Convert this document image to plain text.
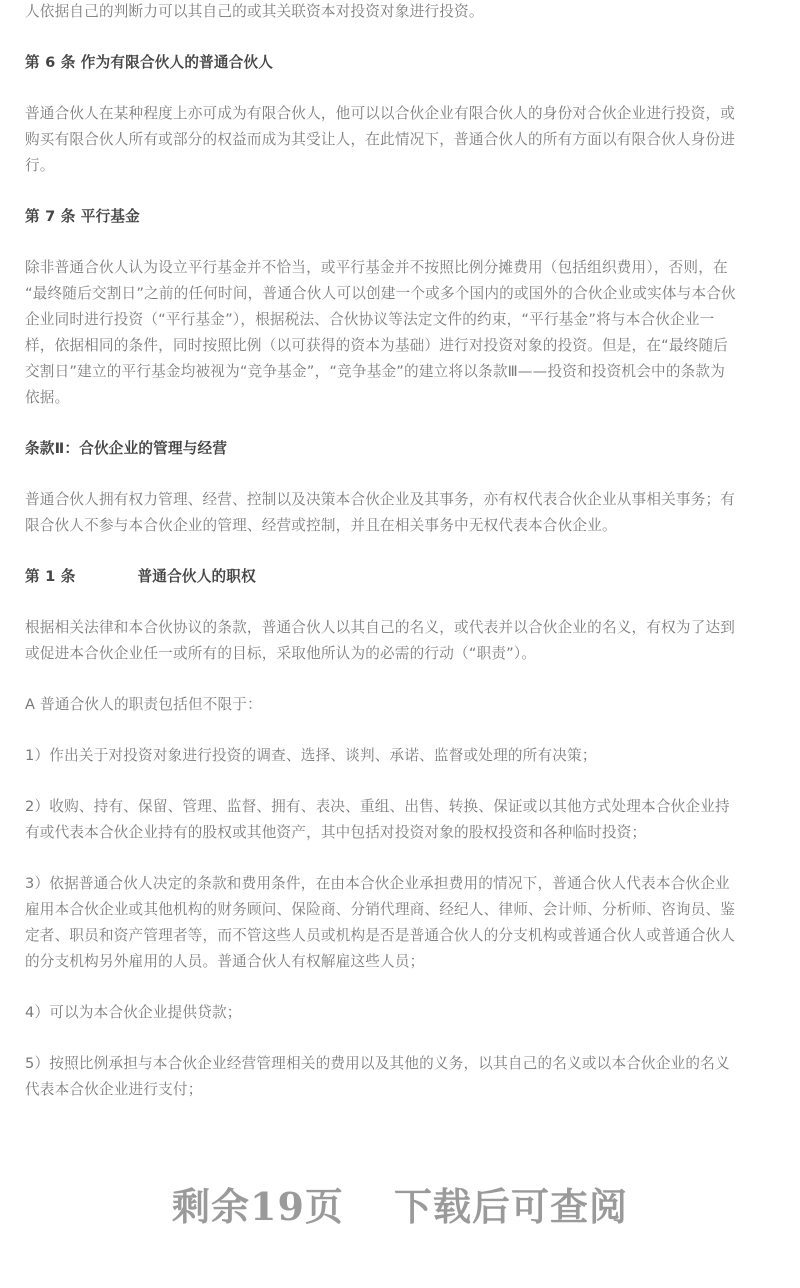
人依据自己的判断力可以其自己的或其关联资本对投资对象进行投资。
第 6 条 作为有限合伙人的普通合伙人
普通合伙人在某种程度上亦可成为有限合伙人，他可以以合伙企业有限合伙人的身份对合伙企业进行投资，或
购买有限合伙人所有或部分的权益而成为其受让人，在此情况下，普通合伙人的所有方面以有限合伙人身份进
行。
第 7 条 平行基金
除非普通合伙人认为设立平行基金并不恰当，或平行基金并不按照比例分摊费用（包括组织费用），否则，在
“最终随后交割日”之前的任何时间，普通合伙人可以创建一个或多个国内的或国外的合伙企业或实体与本合伙
企业同时进行投资（“平行基金”），根据税法、合伙协议等法定文件的约束，“平行基金”将与本合伙企业一
样，依据相同的条件，同时按照比例（以可获得的资本为基础）进行对投资对象的投资。但是，在“最终随后
交割日”建立的平行基金均被视为“竞争基金”，“竞争基金”的建立将以条款Ⅲ——投资和投资机会中的条款为
依据。
条款Ⅱ：合伙企业的管理与经营
普通合伙人拥有权力管理、经营、控制以及决策本合伙企业及其事务，亦有权代表合伙企业从事相关事务；有
限合伙人不参与本合伙企业的管理、经营或控制，并且在相关事务中无权代表本合伙企业。
第 1 条	普通合伙人的职权
根据相关法律和本合伙协议的条款，普通合伙人以其自己的名义，或代表并以合伙企业的名义，有权为了达到
或促进本合伙企业任一或所有的目标，采取他所认为的必需的行动（“职责”）。
A 普通合伙人的职责包括但不限于：
1）作出关于对投资对象进行投资的调查、选择、谈判、承诺、监督或处理的所有决策；
2）收购、持有、保留、管理、监督、拥有、表决、重组、出售、转换、保证或以其他方式处理本合伙企业持
有或代表本合伙企业持有的股权或其他资产，其中包括对投资对象的股权投资和各种临时投资；
3）依据普通合伙人决定的条款和费用条件，在由本合伙企业承担费用的情况下，普通合伙人代表本合伙企业
雇用本合伙企业或其他机构的财务顾问、保险商、分销代理商、经纪人、律师、会计师、分析师、咨询员、鉴
定者、职员和资产管理者等，而不管这些人员或机构是否是普通合伙人的分支机构或普通合伙人或普通合伙人
的分支机构另外雇用的人员。普通合伙人有权解雇这些人员；
4）可以为本合伙企业提供贷款；
5）按照比例承担与本合伙企业经营管理相关的费用以及其他的义务，以其自己的名义或以本合伙企业的名义
代表本合伙企业进行支付；
剩余19页 下载后可查阅
